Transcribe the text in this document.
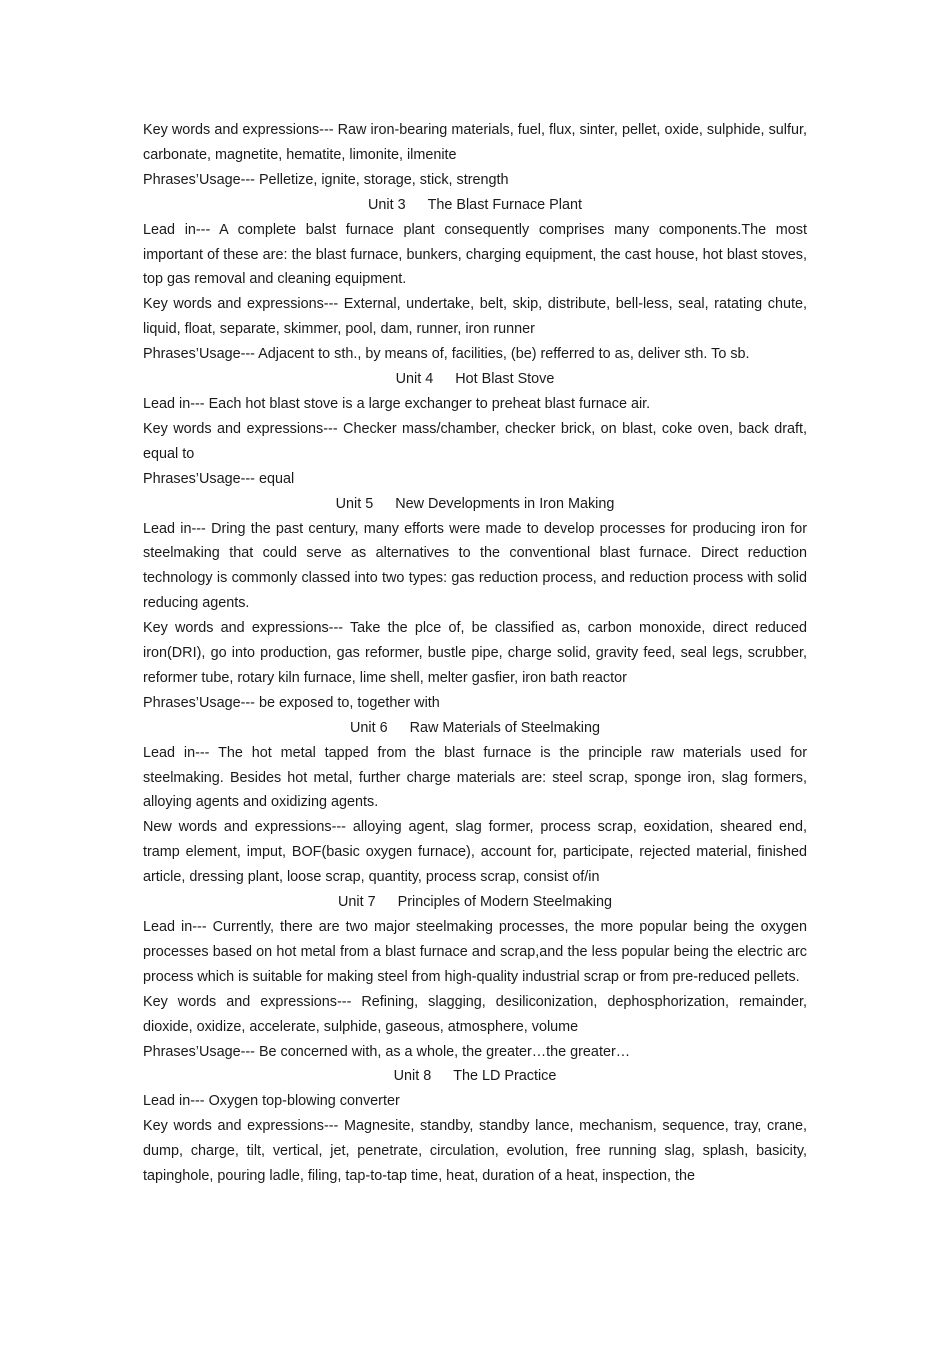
Key words and expressions--- Raw iron-bearing materials, fuel, flux, sinter, pellet, oxide, sulphide, sulfur, carbonate, magnetite, hematite, limonite, ilmenite

Phrases’Usage--- Pelletize, ignite, storage, stick, strength

Unit 3 The Blast Furnace Plant

Lead in--- A complete balst furnace plant consequently comprises many components.The most important of these are: the blast furnace, bunkers, charging equipment, the cast house, hot blast stoves, top gas removal and cleaning equipment.

Key words and expressions--- External, undertake, belt, skip, distribute, bell-less, seal, ratating chute, liquid, float, separate, skimmer, pool, dam, runner, iron runner

Phrases’Usage--- Adjacent to sth., by means of, facilities, (be) refferred to as, deliver sth. To sb.

Unit 4 Hot Blast Stove

Lead in--- Each hot blast stove is a large exchanger to preheat blast furnace air.

Key words and expressions--- Checker mass/chamber, checker brick, on blast, coke oven, back draft, equal to

Phrases’Usage--- equal

Unit 5 New Developments in Iron Making

Lead in--- Dring the past century, many efforts were made to develop processes for producing iron for steelmaking that could serve as alternatives to the conventional blast furnace. Direct reduction technology is commonly classed into two types: gas reduction process, and reduction process with solid reducing agents.

Key words and expressions--- Take the plce of, be classified as, carbon monoxide, direct reduced iron(DRI), go into production, gas reformer, bustle pipe, charge solid, gravity feed, seal legs, scrubber, reformer tube, rotary kiln furnace, lime shell, melter gasfier, iron bath reactor

Phrases’Usage--- be exposed to, together with

Unit 6 Raw Materials of Steelmaking

Lead in--- The hot metal tapped from the blast furnace is the principle raw materials used for steelmaking. Besides hot metal, further charge materials are: steel scrap, sponge iron, slag formers, alloying agents and oxidizing agents.

New words and expressions--- alloying agent, slag former, process scrap, eoxidation, sheared end, tramp element, imput, BOF(basic oxygen furnace), account for, participate, rejected material, finished article, dressing plant, loose scrap, quantity, process scrap, consist of/in

Unit 7 Principles of Modern Steelmaking

Lead in--- Currently, there are two major steelmaking processes, the more popular being the oxygen processes based on hot metal from a blast furnace and scrap,and the less popular being the electric arc process which is suitable for making steel from high-quality industrial scrap or from pre-reduced pellets.

Key words and expressions--- Refining, slagging, desiliconization, dephosphorization, remainder, dioxide, oxidize, accelerate, sulphide, gaseous, atmosphere, volume

Phrases’Usage--- Be concerned with, as a whole, the greater…the greater…

Unit 8 The LD Practice

Lead in--- Oxygen top-blowing converter

Key words and expressions--- Magnesite, standby, standby lance, mechanism, sequence, tray, crane, dump, charge, tilt, vertical, jet, penetrate, circulation, evolution, free running slag, splash, basicity, tapinghole, pouring ladle, filing, tap-to-tap time, heat, duration of a heat, inspection, the
